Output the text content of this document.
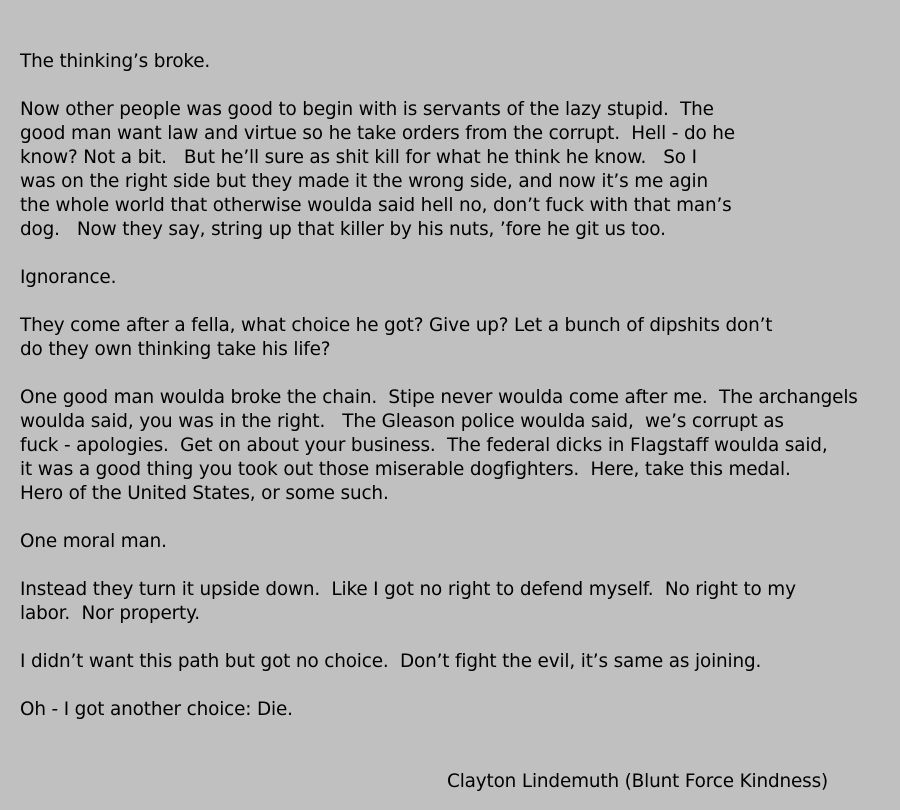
The thinking’s broke.

Now other people was good to begin with is servants of the lazy stupid.  The
good man want law and virtue so he take orders from the corrupt.  Hell - do he
know? Not a bit.   But he’ll sure as shit kill for what he think he know.   So I
was on the right side but they made it the wrong side, and now it’s me agin
the whole world that otherwise woulda said hell no, don’t fuck with that man’s
dog.   Now they say, string up that killer by his nuts, ’fore he git us too.

Ignorance.

They come after a fella, what choice he got? Give up? Let a bunch of dipshits don’t
do they own thinking take his life?

One good man woulda broke the chain.  Stipe never woulda come after me.  The archangels
woulda said, you was in the right.   The Gleason police woulda said,  we’s corrupt as
fuck - apologies.  Get on about your business.  The federal dicks in Flagstaff woulda said,
it was a good thing you took out those miserable dogfighters.  Here, take this medal.
Hero of the United States, or some such.

One moral man.

Instead they turn it upside down.  Like I got no right to defend myself.  No right to my
labor.  Nor property.

I didn’t want this path but got no choice.  Don’t fight the evil, it’s same as joining.

Oh - I got another choice: Die.

Clayton Lindemuth (Blunt Force Kindness)
